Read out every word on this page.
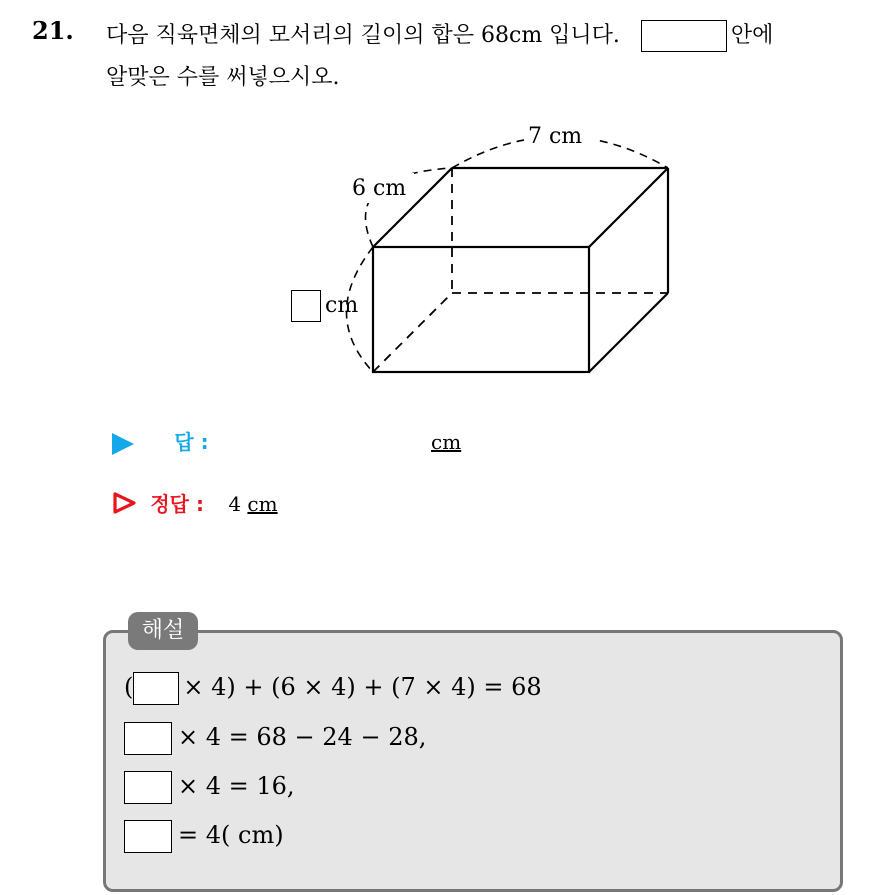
21. 다음 직육면체의 모서리의 길이의 합은 68cm 입니다.	안에
알맞은 수를 써넣으시오.
7 cm
6 cm
cm
답 :	cm
정답 : 4 cm
해설
( × 4) + (6 × 4) + (7 × 4) = 68
× 4 = 68 − 24 − 28,
× 4 = 16,
= 4( cm)
